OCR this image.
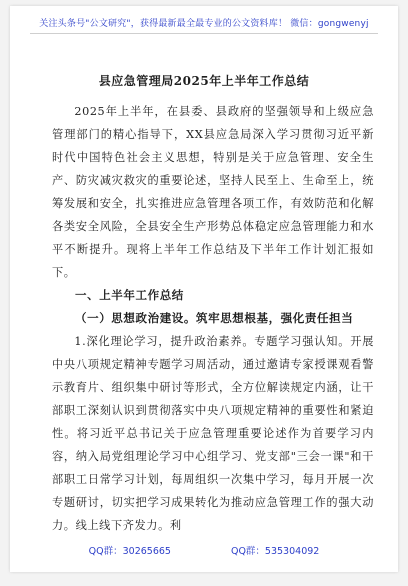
关注头条号"公文研究"，获得最新最全最专业的公文资料库！ 微信：gongwenyj
县应急管理局2025年上半年工作总结

2025年上半年，在县委、县政府的坚强领导和上级应急管理部门的精心指导下，XX县应急局深入学习贯彻习近平新时代中国特色社会主义思想，特别是关于应急管理、安全生产、防灾减灾救灾的重要论述，坚持人民至上、生命至上，统筹发展和安全，扎实推进应急管理各项工作，有效防范和化解各类安全风险，全县安全生产形势总体稳定应急管理能力和水平不断提升。现将上半年工作总结及下半年工作计划汇报如下。

一、上半年工作总结

（一）思想政治建设。筑牢思想根基，强化责任担当

1.深化理论学习，提升政治素养。专题学习强认知。开展中央八项规定精神专题学习周活动，通过邀请专家授课观看警示教育片、组织集中研讨等形式，全方位解读规定内涵，让干部职工深刻认识到贯彻落实中央八项规定精神的重要性和紧迫性。将习近平总书记关于应急管理重要论述作为首要学习内容，纳入局党组理论学习中心组学习、党支部"三会一课"和干部职工日常学习计划，每周组织一次集中学习，每月开展一次专题研讨，切实把学习成果转化为推动应急管理工作的强大动力。线上线下齐发力。利

QQ群：30265665	QQ群：535304092
